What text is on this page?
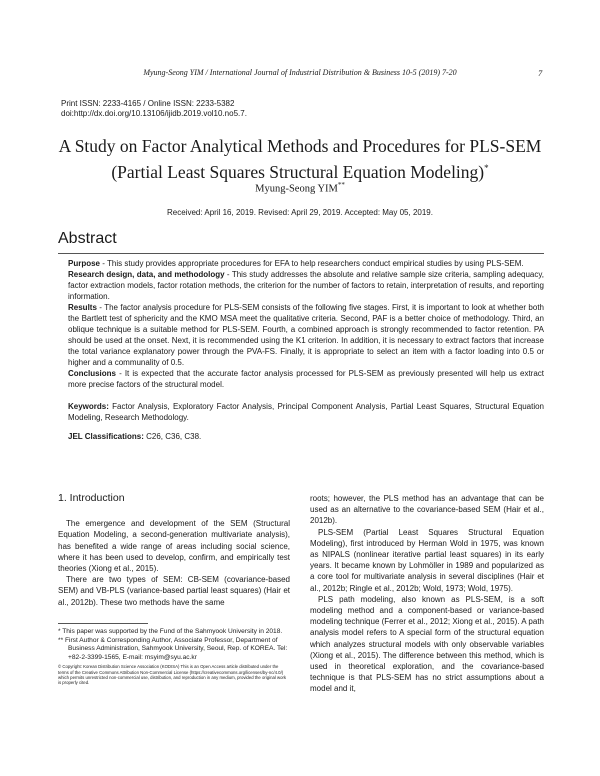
Myung-Seong YIM / International Journal of Industrial Distribution & Business 10-5 (2019) 7-20	7
Print ISSN: 2233-4165 / Online ISSN: 2233-5382
doi:http://dx.doi.org/10.13106/ijidb.2019.vol10.no5.7.
A Study on Factor Analytical Methods and Procedures for PLS-SEM
(Partial Least Squares Structural Equation Modeling)*
Myung-Seong YIM**
Received: April 16, 2019. Revised: April 29, 2019. Accepted: May 05, 2019.
Abstract

Purpose - This study provides appropriate procedures for EFA to help researchers conduct empirical studies by using PLS-SEM.

Research design, data, and methodology - This study addresses the absolute and relative sample size criteria, sampling adequacy, factor extraction models, factor rotation methods, the criterion for the number of factors to retain, interpretation of results, and reporting information.

Results - The factor analysis procedure for PLS-SEM consists of the following five stages. First, it is important to look at whether both the Bartlett test of sphericity and the KMO MSA meet the qualitative criteria. Second, PAF is a better choice of methodology. Third, an oblique technique is a suitable method for PLS-SEM. Fourth, a combined approach is strongly recommended to factor retention. PA should be used at the onset. Next, it is recommended using the K1 criterion. In addition, it is necessary to extract factors that increase the total variance explanatory power through the PVA-FS. Finally, it is appropriate to select an item with a factor loading into 0.5 or higher and a communality of 0.5.

Conclusions - It is expected that the accurate factor analysis processed for PLS-SEM as previously presented will help us extract more precise factors of the structural model.

Keywords: Factor Analysis, Exploratory Factor Analysis, Principal Component Analysis, Partial Least Squares, Structural Equation Modeling, Research Methodology.

JEL Classifications: C26, C36, C38.

1. Introduction

The emergence and development of the SEM (Structural Equation Modeling, a second-generation multivariate analysis), has benefited a wide range of areas including social science, where it has been used to develop, confirm, and empirically test theories (Xiong et al., 2015).

There are two types of SEM: CB-SEM (covariance-based SEM) and VB-PLS (variance-based partial least squares) (Hair et al., 2012b). These two methods have the same

roots; however, the PLS method has an advantage that can be used as an alternative to the covariance-based SEM (Hair et al., 2012b).

PLS-SEM (Partial Least Squares Structural Equation Modeling), first introduced by Herman Wold in 1975, was known as NIPALS (nonlinear iterative partial least squares) in its early years. It became known by Lohmöller in 1989 and popularized as a core tool for multivariate analysis in several disciplines (Hair et al., 2012b; Ringle et al., 2012b; Wold, 1973; Wold, 1975).

PLS path modeling, also known as PLS-SEM, is a soft modeling method and a component-based or variance-based modeling technique (Ferrer et al., 2012; Xiong et al., 2015). A path analysis model refers to A special form of the structural equation which analyzes structural models with only observable variables (Xiong et al., 2015). The difference between this method, which is used in theoretical exploration, and the covariance-based technique is that PLS-SEM has no strict assumptions about a model and it,

* This paper was supported by the Fund of the Sahmyook University in 2018.

** First Author & Corresponding Author, Associate Professor, Department of Business Administration, Sahmyook University, Seoul, Rep. of KOREA. Tel: +82-2-3399-1565, E-mail: msyim@syu.ac.kr

© Copyright: Korean Distribution Science Association (KODISA) This is an Open Access article distributed under the terms of the Creative Commons Attribution Non-Commercial License (https://creativecommons.org/licenses/by-nc/4.0/) which permits unrestricted non-commercial use, distribution, and reproduction in any medium, provided the original work is properly cited.
